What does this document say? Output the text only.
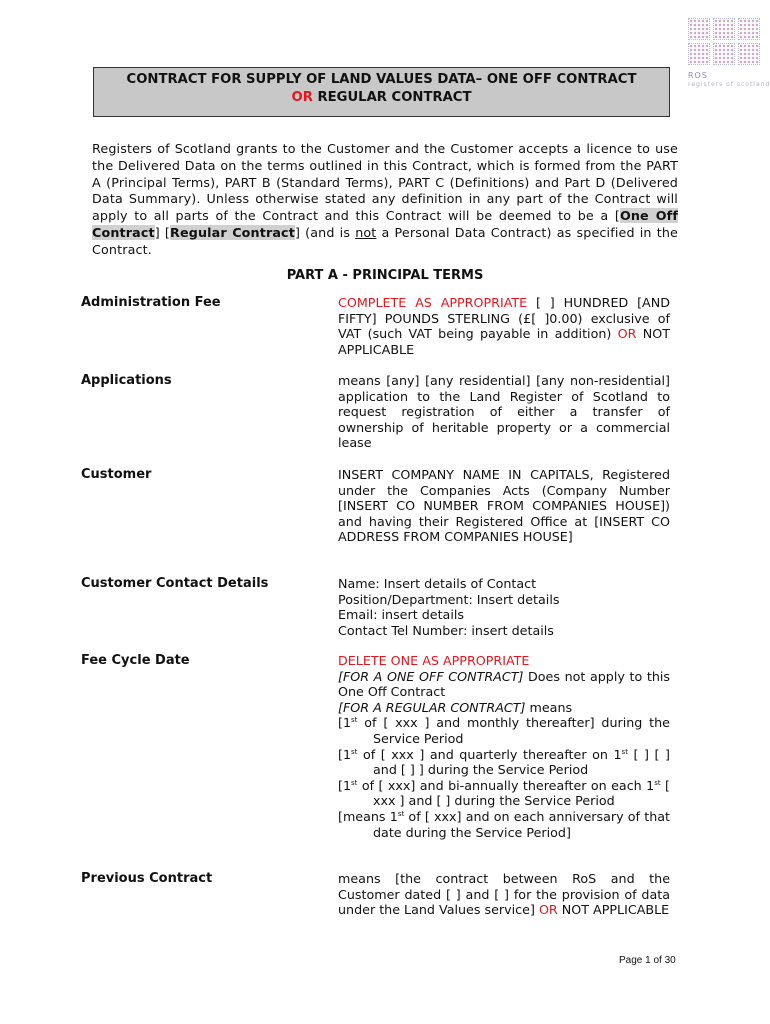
ROS
registers of scotland
CONTRACT FOR SUPPLY OF LAND VALUES DATA– ONE OFF CONTRACT
OR REGULAR CONTRACT
Registers of Scotland grants to the Customer and the Customer accepts a licence to use the Delivered Data on the terms outlined in this Contract, which is formed from the PART A (Principal Terms), PART B (Standard Terms), PART C (Definitions) and Part D (Delivered Data Summary). Unless otherwise stated any definition in any part of the Contract will apply to all parts of the Contract and this Contract will be deemed to be a [One Off Contract] [Regular Contract] (and is not a Personal Data Contract) as specified in the Contract.
PART A - PRINCIPAL TERMS
Administration Fee	COMPLETE AS APPROPRIATE [ ] HUNDRED [AND FIFTY] POUNDS STERLING (£[ ]0.00) exclusive of VAT (such VAT being payable in addition) OR NOT APPLICABLE
Applications	means [any] [any residential] [any non-residential] application to the Land Register of Scotland to request registration of either a transfer of ownership of heritable property or a commercial lease
Customer	INSERT COMPANY NAME IN CAPITALS, Registered under the Companies Acts (Company Number [INSERT CO NUMBER FROM COMPANIES HOUSE]) and having their Registered Office at [INSERT CO ADDRESS FROM COMPANIES HOUSE]
Customer Contact Details	Name: Insert details of Contact

Position/Department: Insert details

Email: insert details

Contact Tel Number: insert details

Fee Cycle Date	DELETE ONE AS APPROPRIATE

[FOR A ONE OFF CONTRACT] Does not apply to this One Off Contract

[FOR A REGULAR CONTRACT] means

[1st of [ xxx ] and monthly thereafter] during the Service Period

[1st of [ xxx ] and quarterly thereafter on 1st [ ] [ ] and [ ] ] during the Service Period

[1st of [ xxx] and bi-annually thereafter on each 1st [ xxx ] and [ ] during the Service Period

[means 1st of [ xxx] and on each anniversary of that date during the Service Period]

Previous Contract	means [the contract between RoS and the Customer dated [ ] and [ ] for the provision of data under the Land Values service] OR NOT APPLICABLE
Page 1 of 30
